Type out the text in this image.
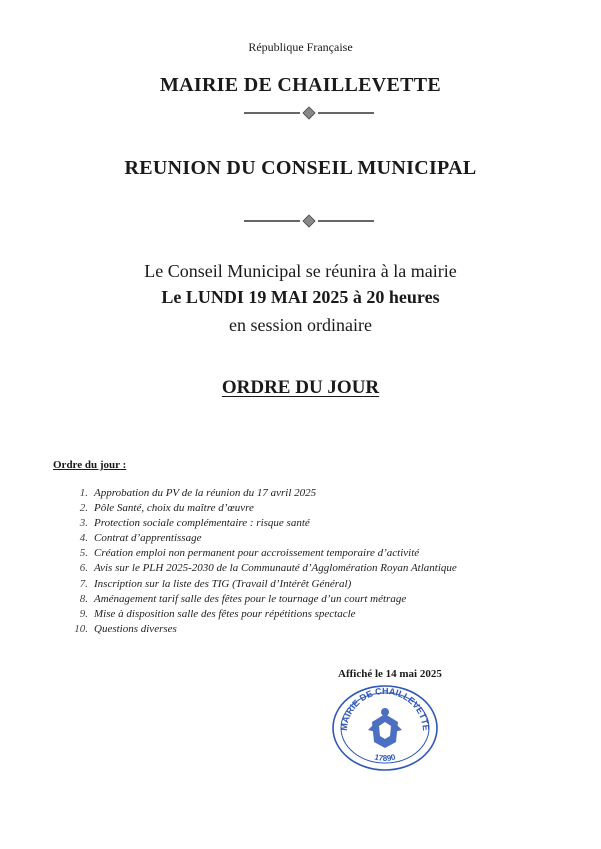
République Française
MAIRIE DE CHAILLEVETTE
REUNION DU CONSEIL MUNICIPAL
Le Conseil Municipal se réunira à la mairie
Le LUNDI 19 MAI 2025 à 20 heures
en session ordinaire
ORDRE DU JOUR
Ordre du jour :
1. Approbation du PV de la réunion du 17 avril 2025
2. Pôle Santé, choix du maître d’œuvre
3. Protection sociale complémentaire : risque santé
4. Contrat d’apprentissage
5. Création emploi non permanent pour accroissement temporaire d’activité
6. Avis sur le PLH 2025-2030 de la Communauté d’Agglomération Royan Atlantique
7. Inscription sur la liste des TIG (Travail d’Intérêt Général)
8. Aménagement tarif salle des fêtes pour le tournage d’un court métrage
9. Mise à disposition salle des fêtes pour répétitions spectacle
10. Questions diverses
Affiché le 14 mai 2025
MAIRIE DE CHAILLEVETTE
17890
